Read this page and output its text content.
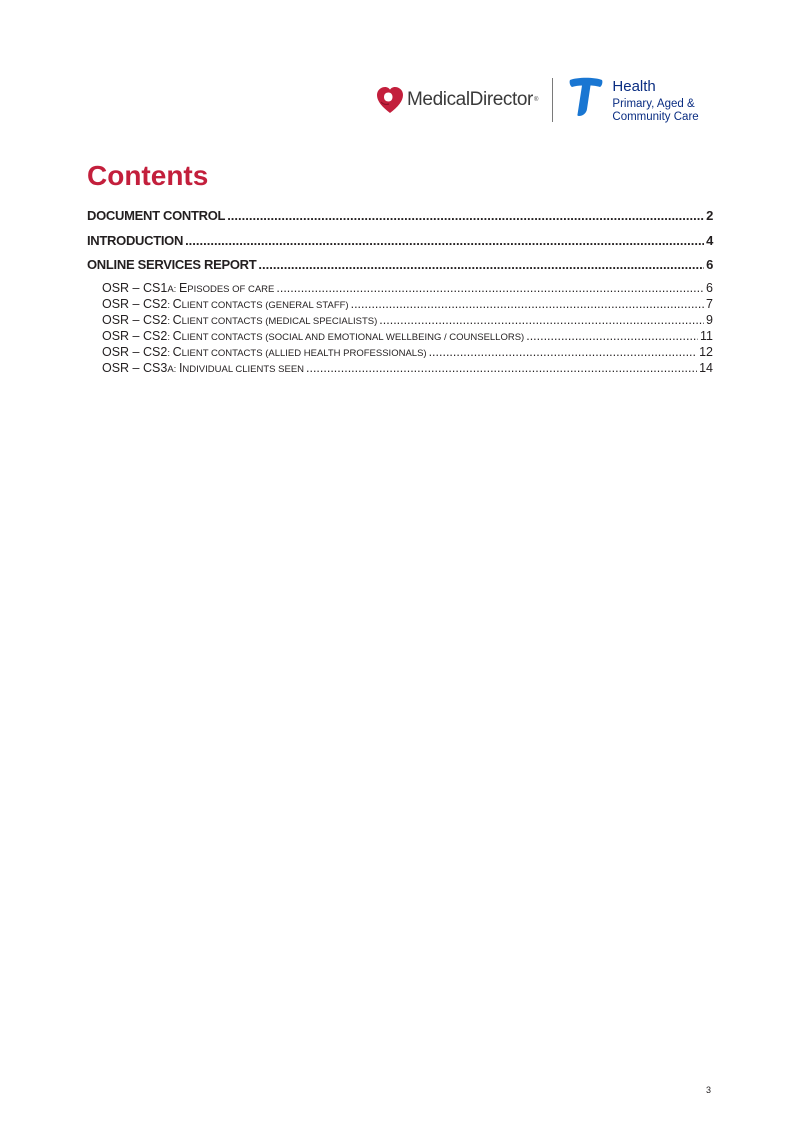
MedicalDirector ®
Health
Primary, Aged &
Community Care
Contents
DOCUMENT CONTROL .....	2
INTRODUCTION .....	4
ONLINE SERVICES REPORT .....	6
OSR – CS1A: EPISODES OF CARE .....	6
OSR – CS2: CLIENT CONTACTS (GENERAL STAFF) .....	7
OSR – CS2: CLIENT CONTACTS (MEDICAL SPECIALISTS) .....	9
OSR – CS2: CLIENT CONTACTS (SOCIAL AND EMOTIONAL WELLBEING / COUNSELLORS) .....	11
OSR – CS2: CLIENT CONTACTS (ALLIED HEALTH PROFESSIONALS) .....	12
OSR – CS3A: INDIVIDUAL CLIENTS SEEN .....	14
3
